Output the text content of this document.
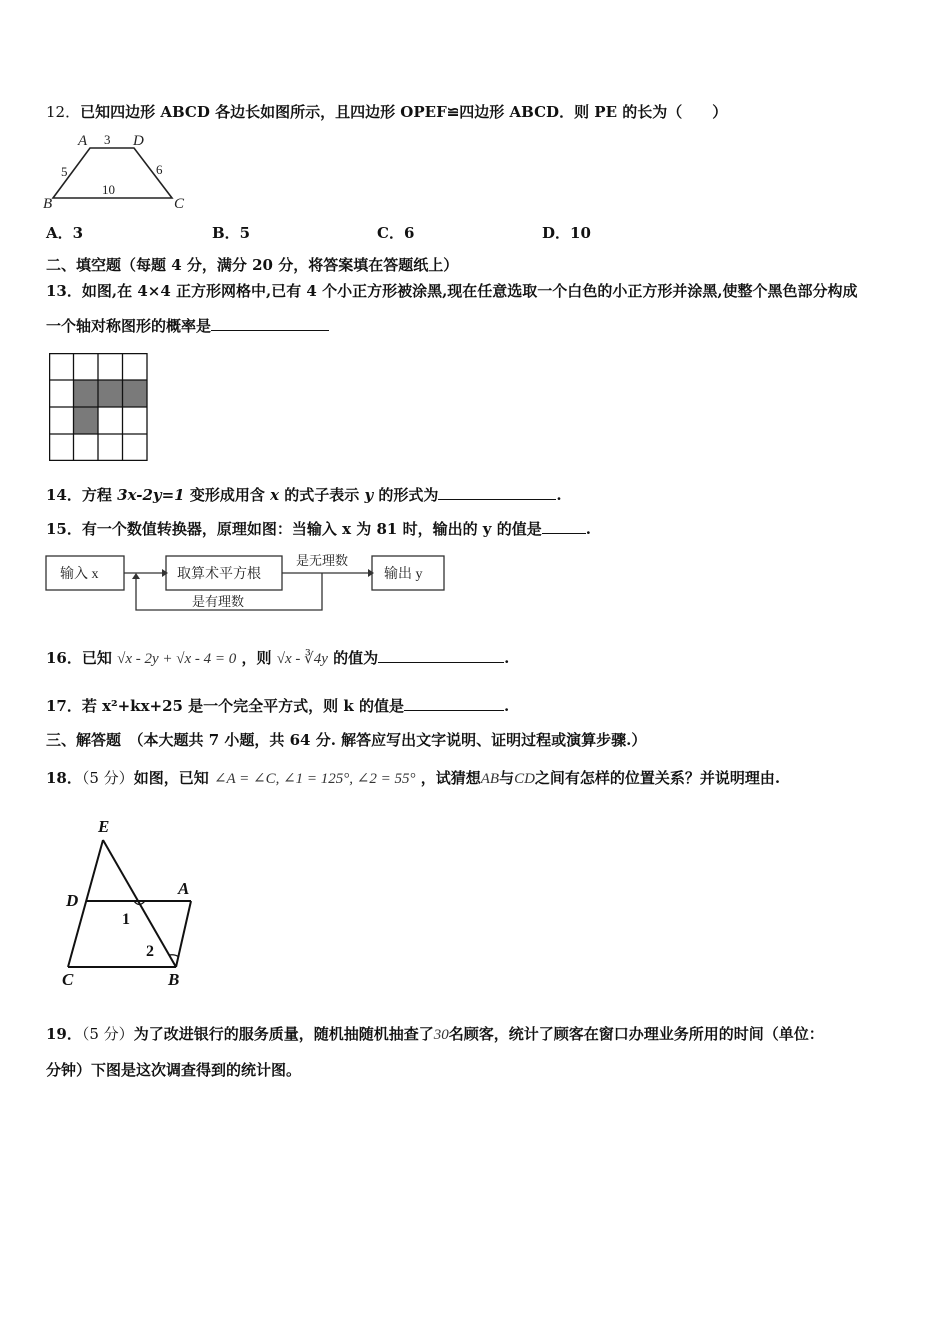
12．已知四边形 ABCD 各边长如图所示，且四边形 OPEF≌四边形 ABCD．则 PE 的长为（　　）
A	D
B	C
3
5	6
10
A．3	B．5	C．6	D．10
二、填空题（每题 4 分，满分 20 分，将答案填在答题纸上）
13．如图,在 4×4 正方形网格中,已有 4 个小正方形被涂黑,现在任意选取一个白色的小正方形并涂黑,使整个黑色部分构成
一个轴对称图形的概率是
14．方程 3x-2y=1 变形成用含 x 的式子表示 y 的形式为	.
15．有一个数值转换器，原理如图：当输入 x 为 81 时，输出的 y 的值是	.
输入 x	取算术平方根	输出 y
是无理数
是有理数
16．已知 √x - 2y + √x - 4 = 0 ，则 √x - ∛4y 的值为	.
17．若 x²+kx+25 是一个完全平方式，则 k 的值是	.
三、解答题　（本大题共 7 小题，共 64 分. 解答应写出文字说明、证明过程或演算步骤.）
18．（5 分）如图，已知 ∠A = ∠C, ∠1 = 125°, ∠2 = 55° ，试猜想AB与CD之间有怎样的位置关系？并说明理由.
E
D
A
1
2
C	B
19．（5 分）为了改进银行的服务质量，随机抽随机抽查了30名顾客，统计了顾客在窗口办理业务所用的时间（单位：
分钟）下图是这次调查得到的统计图。
